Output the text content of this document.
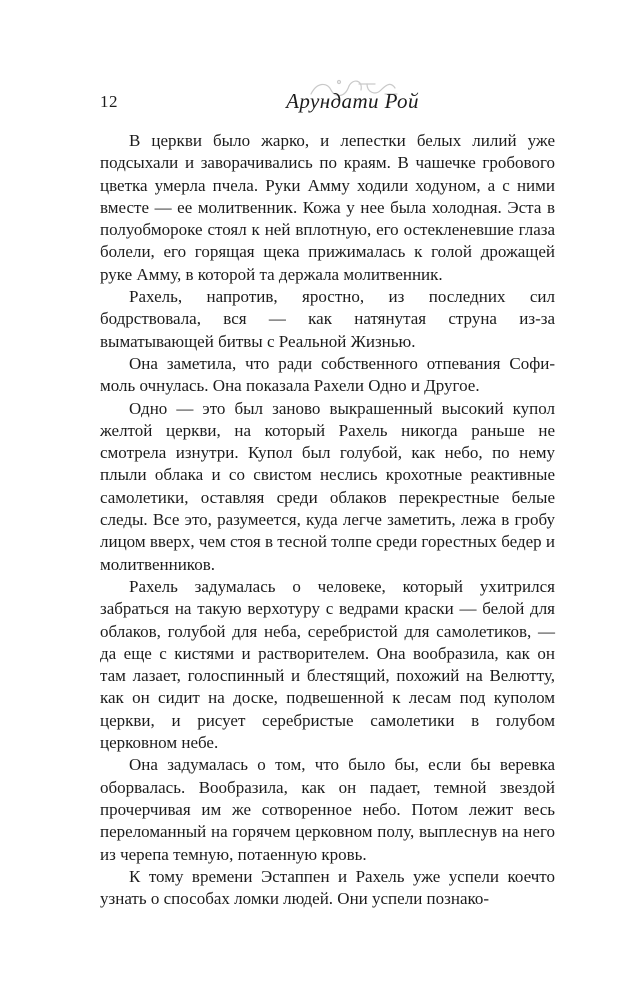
12	Арундати Рой

В церкви было жарко, и лепестки белых лилий уже подсыхали и заворачивались по краям. В чашечке гробового цветка умерла пчела. Руки Амму ходили ходуном, а с ними вместе — ее молитвенник. Кожа у нее была холодная. Эста в полуобмороке стоял к ней вплотную, его остекленевшие глаза болели, его горящая щека прижималась к голой дрожащей руке Амму, в которой та держала молитвенник.

Рахель, напротив, яростно, из последних сил бодрствовала, вся — как натянутая струна из-за выматывающей битвы с Реальной Жизнью.

Она заметила, что ради собственного отпевания Софи-моль очнулась. Она показала Рахели Одно и Другое.

Одно — это был заново выкрашенный высокий купол желтой церкви, на который Рахель никогда раньше не смотрела изнутри. Купол был голубой, как небо, по нему плыли облака и со свистом неслись крохотные реактивные самолетики, оставляя среди облаков перекрестные белые следы. Все это, разумеется, куда легче заметить, лежа в гробу лицом вверх, чем стоя в тесной толпе среди горестных бедер и молитвенников.

Рахель задумалась о человеке, который ухитрился забраться на такую верхотуру с ведрами краски — белой для облаков, голубой для неба, серебристой для самолетиков, — да еще с кистями и растворителем. Она вообразила, как он там лазает, голоспинный и блестящий, похожий на Велютту, как он сидит на доске, подвешенной к лесам под куполом церкви, и рисует серебристые самолетики в голубом церковном небе.

Она задумалась о том, что было бы, если бы веревка оборвалась. Вообразила, как он падает, темной звездой прочерчивая им же сотворенное небо. Потом лежит весь переломанный на горячем церковном полу, выплеснув на него из черепа темную, потаенную кровь.

К тому времени Эстаппен и Рахель уже успели коечто узнать о способах ломки людей. Они успели познако-
